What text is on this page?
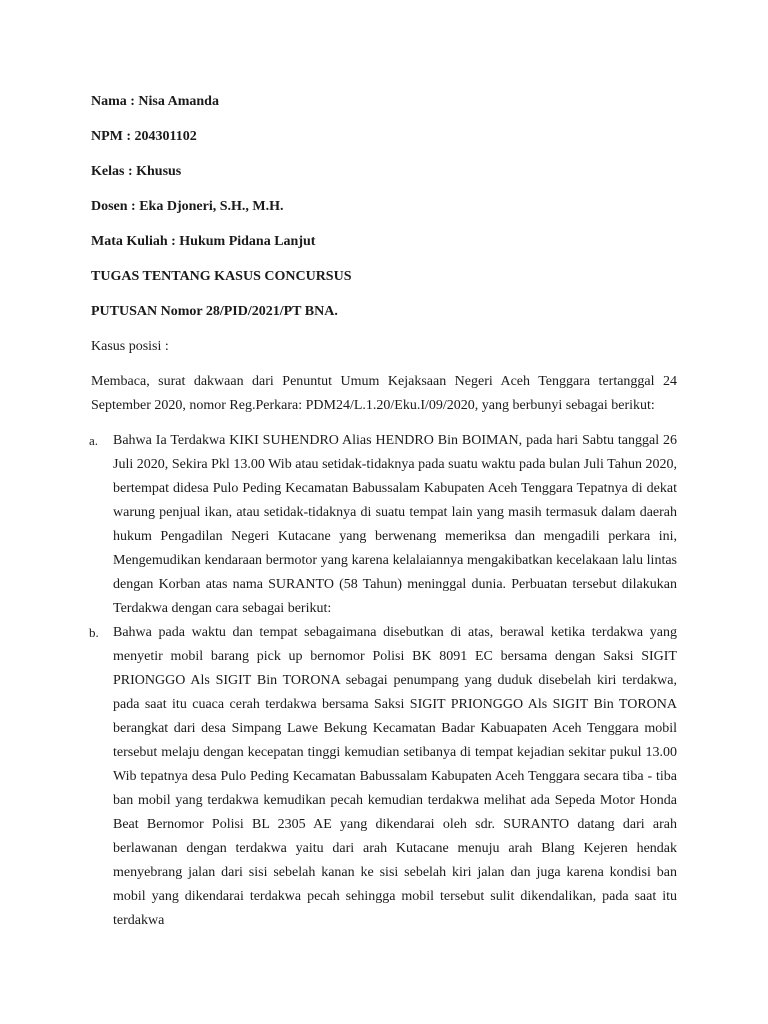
Nama : Nisa Amanda

NPM : 204301102

Kelas : Khusus

Dosen : Eka Djoneri, S.H., M.H.

Mata Kuliah : Hukum Pidana Lanjut

TUGAS TENTANG KASUS CONCURSUS

PUTUSAN Nomor 28/PID/2021/PT BNA.

Kasus posisi :

Membaca, surat dakwaan dari Penuntut Umum Kejaksaan Negeri Aceh Tenggara tertanggal 24 September 2020, nomor Reg.Perkara: PDM24/L.1.20/Eku.I/09/2020, yang berbunyi sebagai berikut:

a. Bahwa Ia Terdakwa KIKI SUHENDRO Alias HENDRO Bin BOIMAN, pada hari Sabtu tanggal 26 Juli 2020, Sekira Pkl 13.00 Wib atau setidak-tidaknya pada suatu waktu pada bulan Juli Tahun 2020, bertempat didesa Pulo Peding Kecamatan Babussalam Kabupaten Aceh Tenggara Tepatnya di dekat warung penjual ikan, atau setidak-tidaknya di suatu tempat lain yang masih termasuk dalam daerah hukum Pengadilan Negeri Kutacane yang berwenang memeriksa dan mengadili perkara ini, Mengemudikan kendaraan bermotor yang karena kelalaiannya mengakibatkan kecelakaan lalu lintas dengan Korban atas nama SURANTO (58 Tahun) meninggal dunia. Perbuatan tersebut dilakukan Terdakwa dengan cara sebagai berikut:
b. Bahwa pada waktu dan tempat sebagaimana disebutkan di atas, berawal ketika terdakwa yang menyetir mobil barang pick up bernomor Polisi BK 8091 EC bersama dengan Saksi SIGIT PRIONGGO Als SIGIT Bin TORONA sebagai penumpang yang duduk disebelah kiri terdakwa, pada saat itu cuaca cerah terdakwa bersama Saksi SIGIT PRIONGGO Als SIGIT Bin TORONA berangkat dari desa Simpang Lawe Bekung Kecamatan Badar Kabuapaten Aceh Tenggara mobil tersebut melaju dengan kecepatan tinggi kemudian setibanya di tempat kejadian sekitar pukul 13.00 Wib tepatnya desa Pulo Peding Kecamatan Babussalam Kabupaten Aceh Tenggara secara tiba - tiba ban mobil yang terdakwa kemudikan pecah kemudian terdakwa melihat ada Sepeda Motor Honda Beat Bernomor Polisi BL 2305 AE yang dikendarai oleh sdr. SURANTO datang dari arah berlawanan dengan terdakwa yaitu dari arah Kutacane menuju arah Blang Kejeren hendak menyebrang jalan dari sisi sebelah kanan ke sisi sebelah kiri jalan dan juga karena kondisi ban mobil yang dikendarai terdakwa pecah sehingga mobil tersebut sulit dikendalikan, pada saat itu terdakwa
